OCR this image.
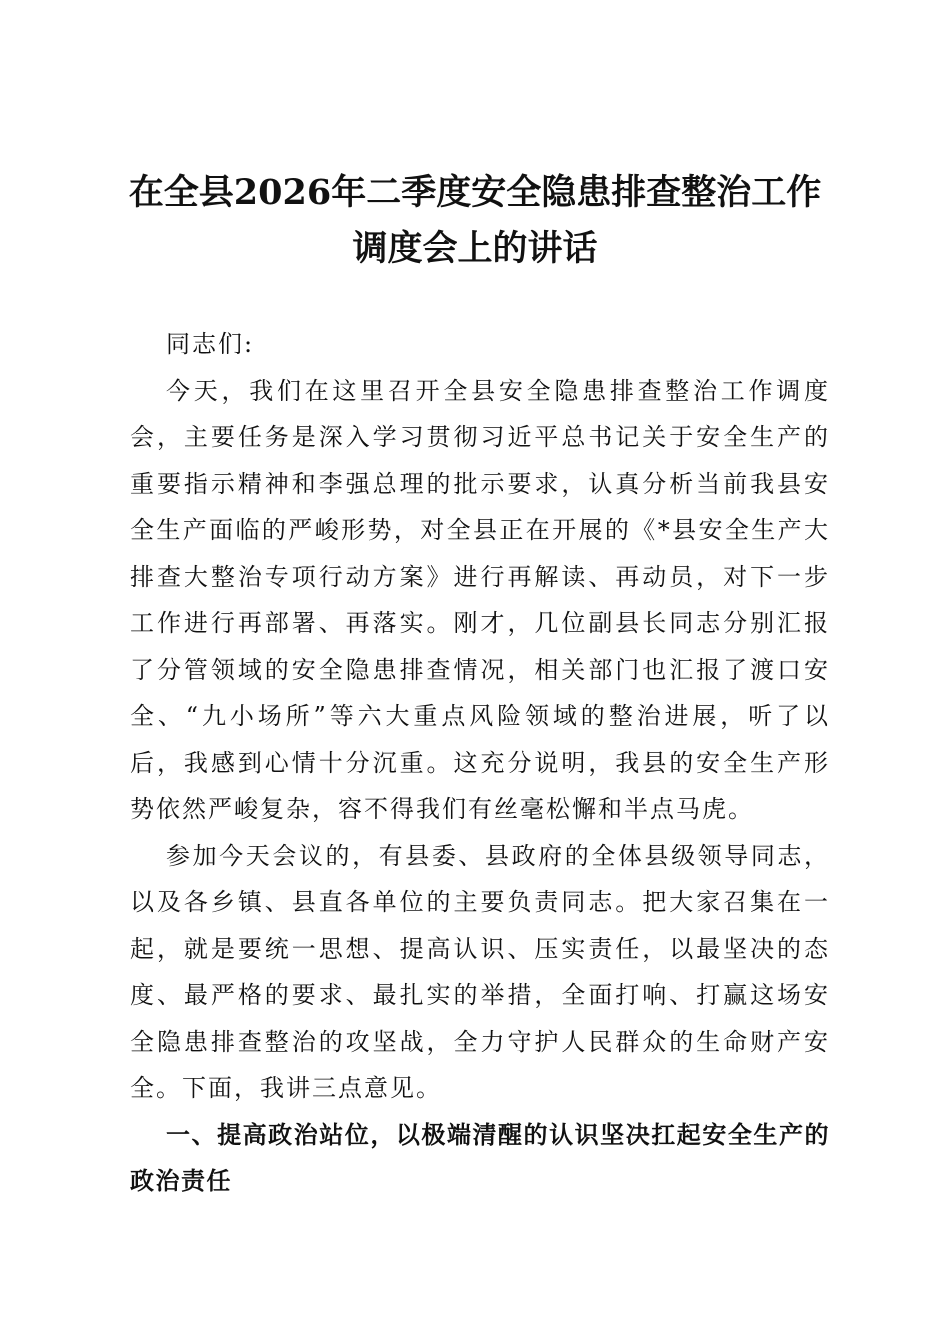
在全县2026年二季度安全隐患排查整治工作
调度会上的讲话

同志们:

今天，我们在这里召开全县安全隐患排查整治工作调度会，主要任务是深入学习贯彻习近平总书记关于安全生产的重要指示精神和李强总理的批示要求，认真分析当前我县安全生产面临的严峻形势，对全县正在开展的《*县安全生产大排查大整治专项行动方案》进行再解读、再动员，对下一步工作进行再部署、再落实。刚才，几位副县长同志分别汇报了分管领域的安全隐患排查情况，相关部门也汇报了渡口安全、“九小场所”等六大重点风险领域的整治进展，听了以后，我感到心情十分沉重。这充分说明，我县的安全生产形势依然严峻复杂，容不得我们有丝毫松懈和半点马虎。

参加今天会议的，有县委、县政府的全体县级领导同志，以及各乡镇、县直各单位的主要负责同志。把大家召集在一起，就是要统一思想、提高认识、压实责任，以最坚决的态度、最严格的要求、最扎实的举措，全面打响、打赢这场安全隐患排查整治的攻坚战，全力守护人民群众的生命财产安全。下面，我讲三点意见。

一、提高政治站位，以极端清醒的认识坚决扛起安全生产的政治责任
